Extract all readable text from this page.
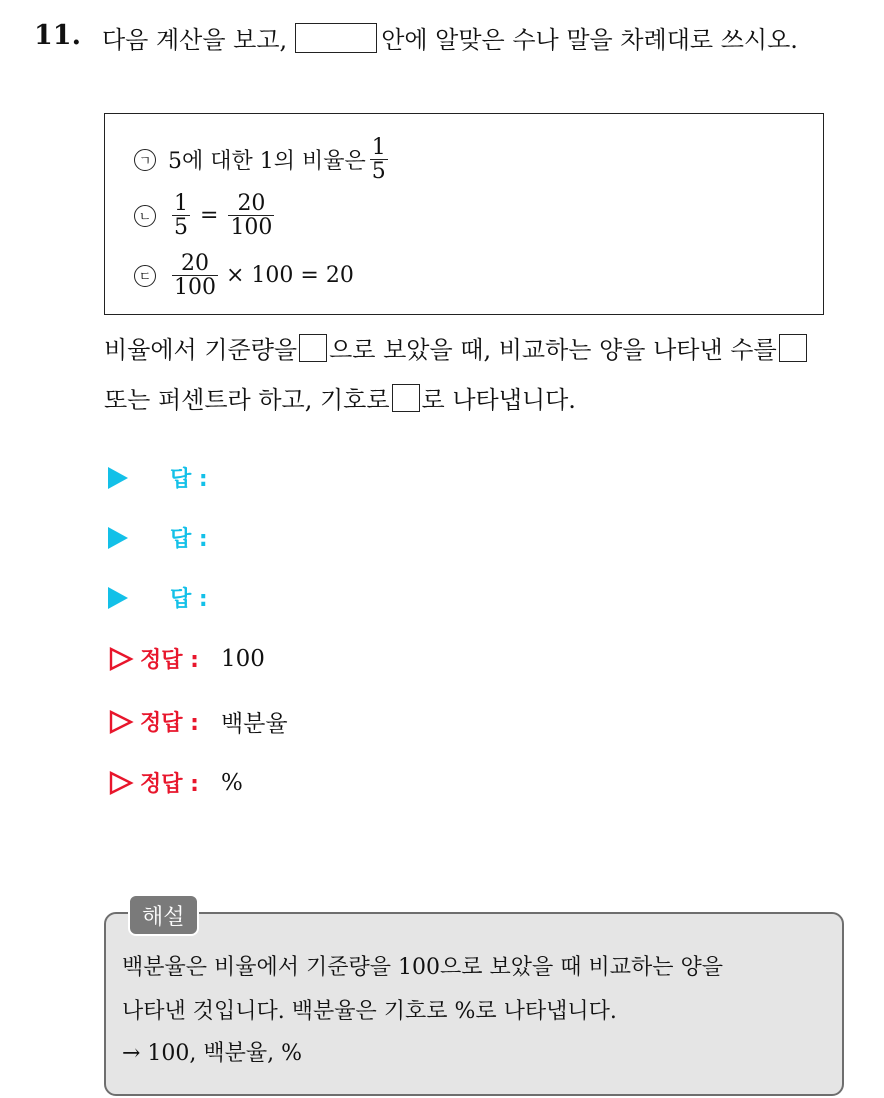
11. 다음 계산을 보고,	안에 알맞은 수나 말을 차례대로 쓰시오.
ㄱ 5에 대한 1의 비율은 $\frac{1}{5}$
ㄴ $\frac{1}{5} = \frac{20}{100}$
ㄷ $\frac{20}{100} \times 100 = 20$
비율에서 기준량을 으로 보았을 때, 비교하는 양을 나타낸 수를
또는 퍼센트라 하고, 기호로 로 나타냅니다.
답 :
답 :
답 :
정답 : 100
정답 : 백분율
정답 : %
해설
백분율은 비율에서 기준량을 100으로 보았을 때 비교하는 양을
나타낸 것입니다. 백분율은 기호로 %로 나타냅니다.
→ 100, 백분율, %
